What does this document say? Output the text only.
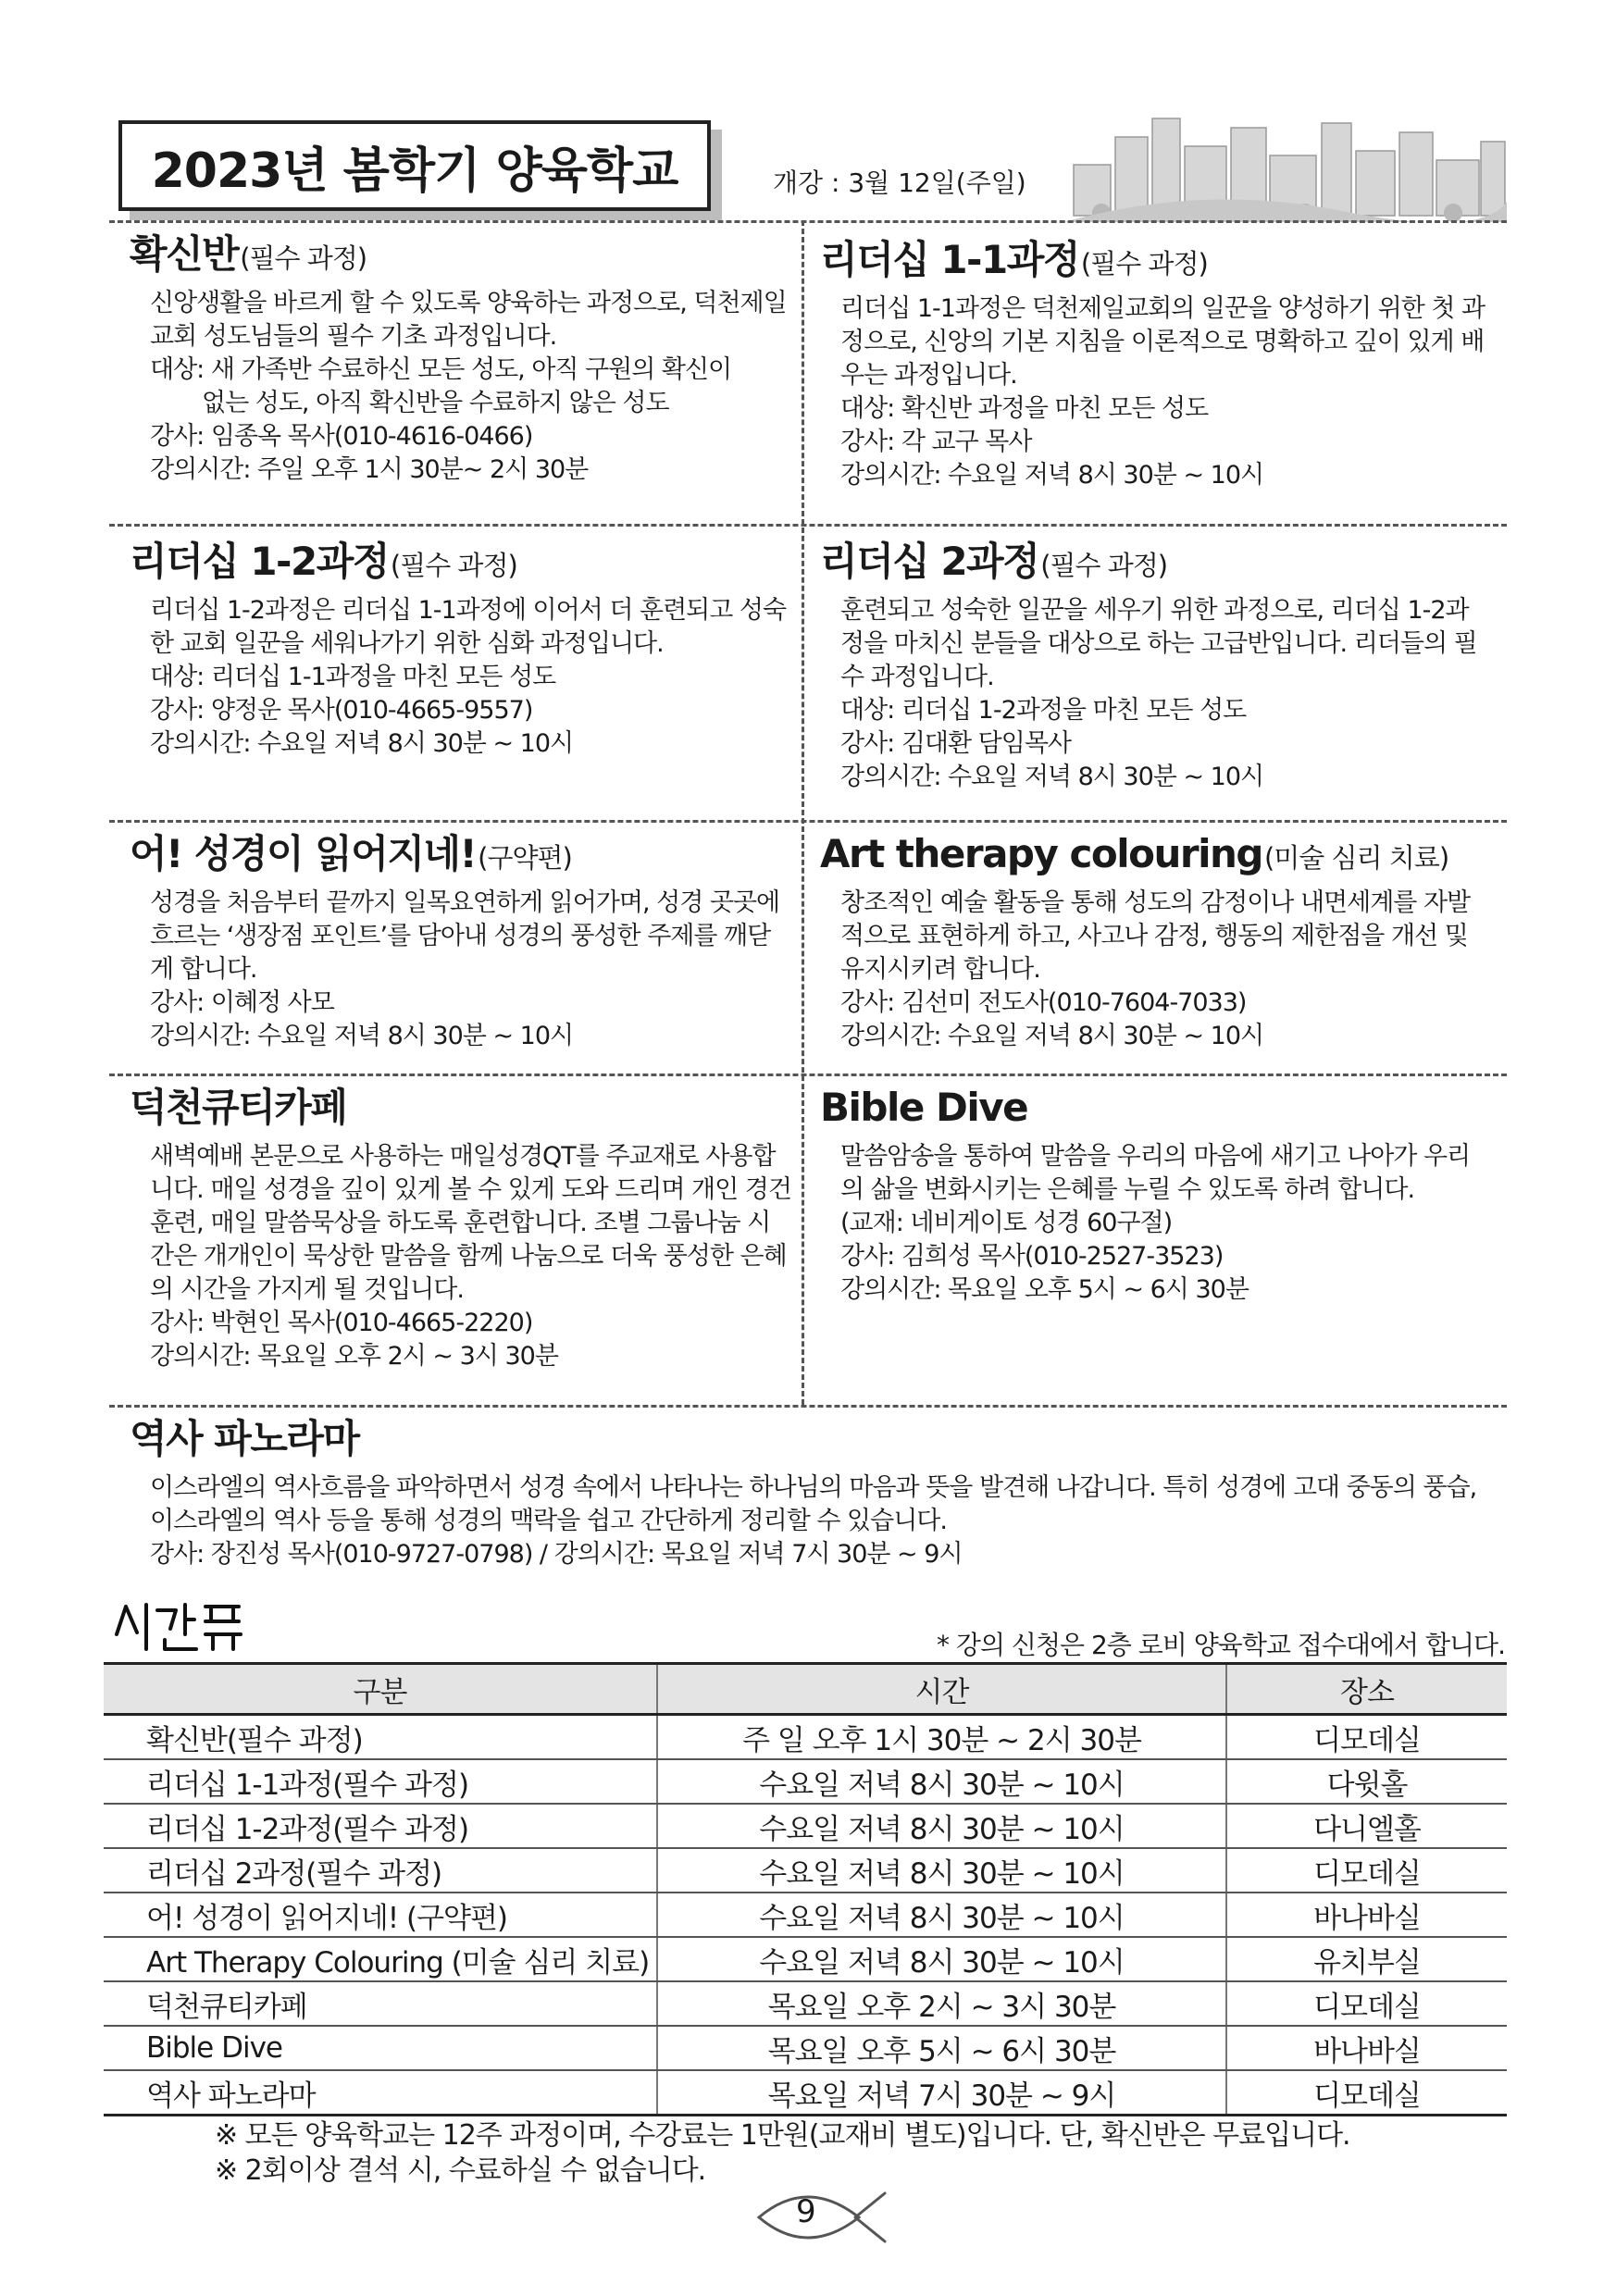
2023년 봄학기 양육학교	개강 : 3월 12일(주일)
확신반(필수 과정)
신앙생활을 바르게 할 수 있도록 양육하는 과정으로, 덕천제일교회 성도님들의 필수 기초 과정입니다.
대상: 새 가족반 수료하신 모든 성도, 아직 구원의 확신이
없는 성도, 아직 확신반을 수료하지 않은 성도
강사: 임종옥 목사(010-4616-0466)
강의시간: 주일 오후 1시 30분~ 2시 30분
리더십 1-1과정(필수 과정)
리더십 1-1과정은 덕천제일교회의 일꾼을 양성하기 위한 첫 과정으로, 신앙의 기본 지침을 이론적으로 명확하고 깊이 있게 배우는 과정입니다.
대상: 확신반 과정을 마친 모든 성도
강사: 각 교구 목사
강의시간: 수요일 저녁 8시 30분 ~ 10시
리더십 1-2과정(필수 과정)
리더십 1-2과정은 리더십 1-1과정에 이어서 더 훈련되고 성숙한 교회 일꾼을 세워나가기 위한 심화 과정입니다.
대상: 리더십 1-1과정을 마친 모든 성도
강사: 양정운 목사(010-4665-9557)
강의시간: 수요일 저녁 8시 30분 ~ 10시
리더십 2과정(필수 과정)
훈련되고 성숙한 일꾼을 세우기 위한 과정으로, 리더십 1-2과정을 마치신 분들을 대상으로 하는 고급반입니다. 리더들의 필수 과정입니다.
대상: 리더십 1-2과정을 마친 모든 성도
강사: 김대환 담임목사
강의시간: 수요일 저녁 8시 30분 ~ 10시
어! 성경이 읽어지네!(구약편)
성경을 처음부터 끝까지 일목요연하게 읽어가며, 성경 곳곳에 흐르는 ‘생장점 포인트’를 담아내 성경의 풍성한 주제를 깨닫게 합니다.
강사: 이혜정 사모
강의시간: 수요일 저녁 8시 30분 ~ 10시
Art therapy colouring(미술 심리 치료)
창조적인 예술 활동을 통해 성도의 감정이나 내면세계를 자발적으로 표현하게 하고, 사고나 감정, 행동의 제한점을 개선 및 유지시키려 합니다.
강사: 김선미 전도사(010-7604-7033)
강의시간: 수요일 저녁 8시 30분 ~ 10시
덕천큐티카페
새벽예배 본문으로 사용하는 매일성경QT를 주교재로 사용합니다. 매일 성경을 깊이 있게 볼 수 있게 도와 드리며 개인 경건훈련, 매일 말씀묵상을 하도록 훈련합니다. 조별 그룹나눔 시간은 개개인이 묵상한 말씀을 함께 나눔으로 더욱 풍성한 은혜의 시간을 가지게 될 것입니다.
강사: 박현인 목사(010-4665-2220)
강의시간: 목요일 오후 2시 ~ 3시 30분
Bible Dive
말씀암송을 통하여 말씀을 우리의 마음에 새기고 나아가 우리의 삶을 변화시키는 은혜를 누릴 수 있도록 하려 합니다.
(교재: 네비게이토 성경 60구절)
강사: 김희성 목사(010-2527-3523)
강의시간: 목요일 오후 5시 ~ 6시 30분
역사 파노라마
이스라엘의 역사흐름을 파악하면서 성경 속에서 나타나는 하나님의 마음과 뜻을 발견해 나갑니다. 특히 성경에 고대 중동의 풍습, 이스라엘의 역사 등을 통해 성경의 맥락을 쉽고 간단하게 정리할 수 있습니다.
강사: 장진성 목사(010-9727-0798) / 강의시간: 목요일 저녁 7시 30분 ~ 9시
* 강의 신청은 2층 로비 양육학교 접수대에서 합니다.
구분	시간	장소
확신반(필수 과정)	주 일 오후 1시 30분 ~ 2시 30분	디모데실
리더십 1-1과정(필수 과정)	수요일 저녁 8시 30분 ~ 10시	다윗홀
리더십 1-2과정(필수 과정)	수요일 저녁 8시 30분 ~ 10시	다니엘홀
리더십 2과정(필수 과정)	수요일 저녁 8시 30분 ~ 10시	디모데실
어! 성경이 읽어지네! (구약편)	수요일 저녁 8시 30분 ~ 10시	바나바실
Art Therapy Colouring (미술 심리 치료)	수요일 저녁 8시 30분 ~ 10시	유치부실
덕천큐티카페	목요일 오후 2시 ~ 3시 30분	디모데실
Bible Dive	목요일 오후 5시 ~ 6시 30분	바나바실
역사 파노라마	목요일 저녁 7시 30분 ~ 9시	디모데실
※ 모든 양육학교는 12주 과정이며, 수강료는 1만원(교재비 별도)입니다. 단, 확신반은 무료입니다.
※ 2회이상 결석 시, 수료하실 수 없습니다.
9
